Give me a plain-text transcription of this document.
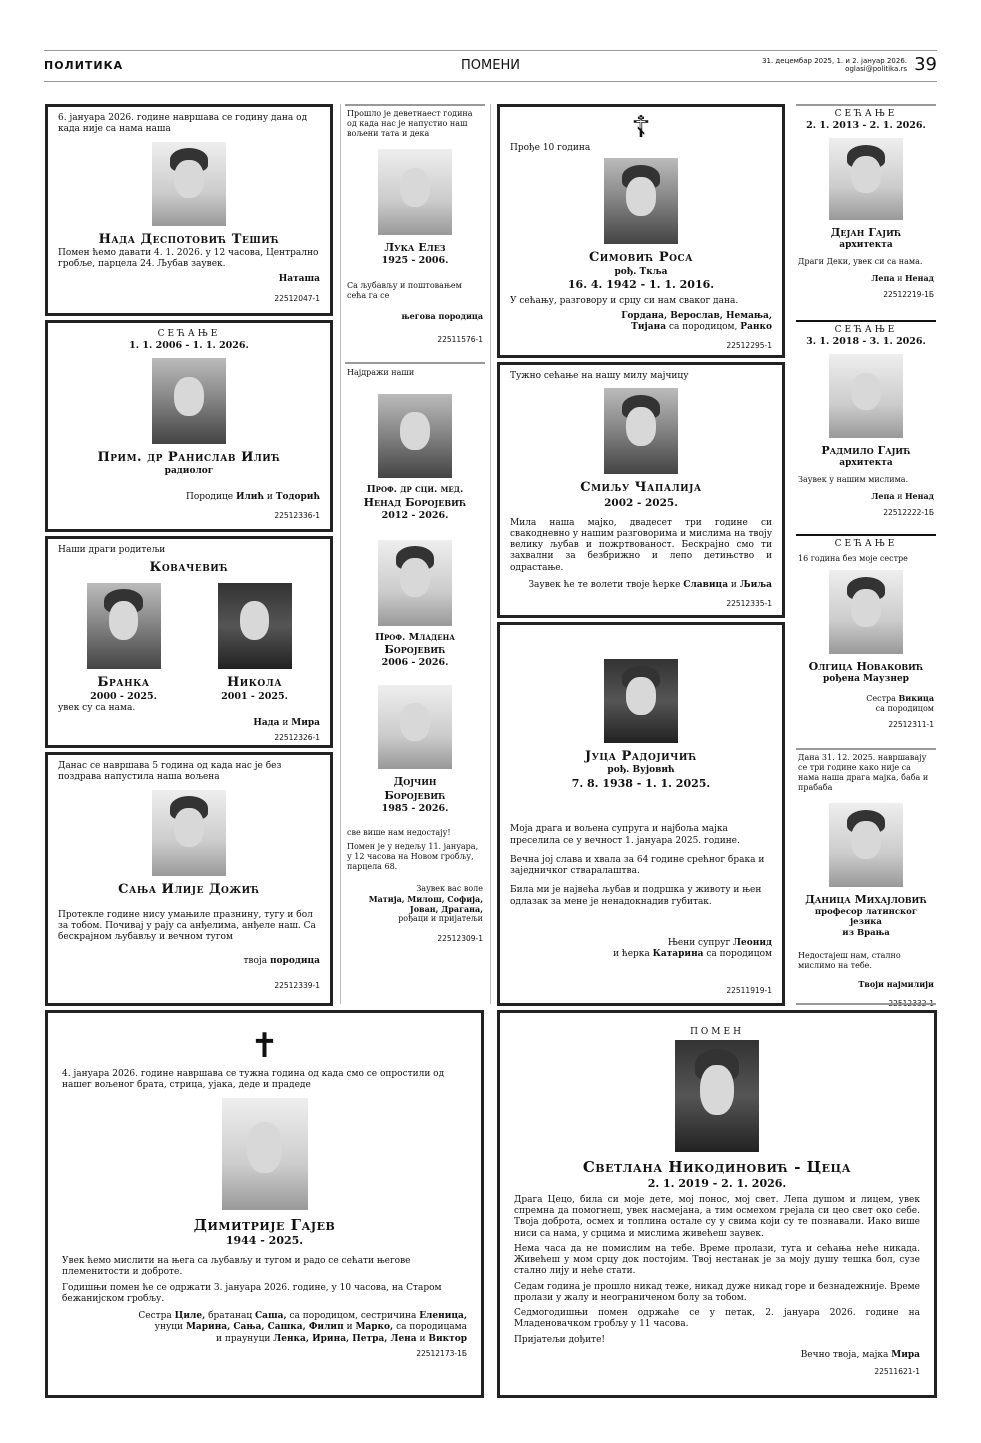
ПОЛИТИКА	ПОМЕНИ	31. децембар 2025, 1. и 2. јануар 2026.
oglasi@politika.rs 39

6. јануара 2026. године навршава се годину дана од када није са нама наша

Нада Деспотовић Тешић

Помен ћемо давати 4. 1. 2026. у 12 часова, Централно гробље, парцела 24. Љубав заувек.

Наташа

22512047-1
СЕЋАЊЕ
1. 1. 2006 - 1. 1. 2026.
Прим. др Ранислав Илић
радиолог

Породице Илић и Тодорић

22512336-1

Наши драги родитељи

Ковачевић
Бранка
2000 - 2025.
Никола
2001 - 2025.

увек су са нама.

Нада и Мира

22512326-1

Данас се навршава 5 година од када нас је без поздрава напустила наша вољена

Сања Илије Дожић

Протекле године нису умањиле празнину, тугу и бол за тобом. Почивај у рају са анђелима, анђеле наш. Са бескрајном љубављу и вечном тугом

твоја породица

22512339-1

Прошло је деветнаест година од када нас је напустио наш вољени тата и дека

Лука Елез
1925 - 2006.

Са љубављу и поштовањем сећа га се

његова породица

22511576-1

Најдражи наши

Проф. др сци. мед.
Ненад Боројевић
2012 - 2026.
Проф. Младена
Боројевић
2006 - 2026.
Дојчин
Боројевић
1985 - 2026.

све више нам недостају!

Помен је у недељу 11. јануара, у 12 часова на Новом гробљу, парцела 68.

Заувек вас воле
Матија, Милош, Софија,
Јован, Драгана,
рођаци и пријатељи
22512309-1
☦

Прође 10 година

Симовић Роса
рођ. Ткља
16. 4. 1942 - 1. 1. 2016.

У сећању, разговору и срцу си нам сваког дана.

Гордана, Верослав, Немања,
Тијана са породицом, Ранко
22512295-1

Тужно сећање на нашу милу мајчицу

Смиљу Чапалија
2002 - 2025.

Мила наша мајко, двадесет три године си свакодневно у нашим разговорима и мислима на твоју велику љубав и пожртвованост. Бескрајно смо ти захвални за безбрижно и лепо детињство и одрастање.

Заувек ће те волети твоје ћерке Славица и Љиља

22512335-1
Јуца Радојичић
рођ. Вујовић
7. 8. 1938 - 1. 1. 2025.

Моја драга и вољена супруга и најбоља мајка преселила се у вечност 1. јануара 2025. године.

Вечна јој слава и хвала за 64 године срећног брака и заједничког стваралаштва.

Била ми је највећа љубав и подршка у животу и њен одлазак за мене је ненадокнадив губитак.

Њени супруг Леонид
и ћерка Катарина са породицом
22511919-1
СЕЋАЊЕ
2. 1. 2013 - 2. 1. 2026.
Дејан Гајић
архитекта

Драги Деки, увек си са нама.

Лепа и Ненад

22512219-1Б
СЕЋАЊЕ
3. 1. 2018 - 3. 1. 2026.
Радмило Гајић
архитекта

Заувек у нашим мислима.

Лепа и Ненад

22512222-1Б
СЕЋАЊЕ

16 година без моје сестре

Олгица Новаковић
рођена Маузнер
Сестра Викица
са породицом
22512311-1

Дана 31. 12. 2025. навршавају се три године како није са нама наша драга мајка, баба и прабаба

Даница Михајловић
професор латинског језика
из Врања

Недостајеш нам, стално мислимо на тебе.

Твоји најмилији

✝

4. јануара 2026. године навршава се тужна година од када смо се опростили од нашег вољеног брата, стрица, ујака, деде и прадеде

Димитрије Гајев
1944 - 2025.

Увек ћемо мислити на њега са љубављу и тугом и радо се сећати његове племенитости и доброте.

Годишњи помен ће се одржати 3. јануара 2026. године, у 10 часова, на Старом бежанијском гробљу.

Сестра Циле, братанац Саша, са породицом, сестричина Еленица,
унуци Марина, Сања, Сашка, Филип и Марко, са породицама
и праунуци Ленка, Ирина, Петра, Лена и Виктор
22512173-1Б
ПОМЕН
Светлана Никодиновић - Цеца
2. 1. 2019 - 2. 1. 2026.

Драга Цецо, била си моје дете, мој понос, мој свет. Лепа душом и лицем, увек спремна да помогнеш, увек насмејана, а тим осмехом грејала си цео свет око себе. Твоја доброта, осмех и топлина остале су у свима који су те познавали. Иако више ниси са нама, у срцима и мислима живећеш заувек.

Нема часа да не помислим на тебе. Време пролази, туга и сећања неће никада. Живећеш у мом срцу док постојим. Твој нестанак је за моју душу тешка бол, сузе стално лију и неће стати.

Седам година је прошло никад теже, никад дуже никад горе и безнадежније. Време пролази у жалу и неограниченом болу за тобом.

Седмогодишњи помен одржаће се у петак, 2. јануара 2026. године на Младеновачком гробљу у 11 часова.

Пријатељи дођите!

Вечно твоја, мајка Мира

22511621-1
